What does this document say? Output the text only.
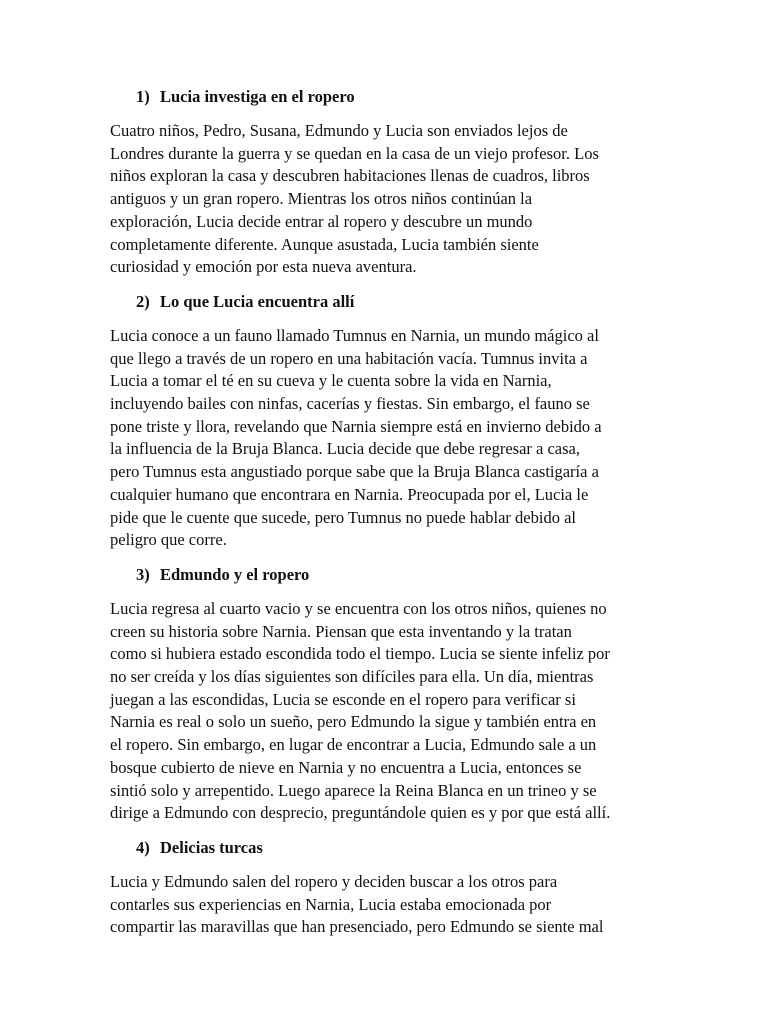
1) Lucia investiga en el ropero
Cuatro niños, Pedro, Susana, Edmundo y Lucia son enviados lejos de
Londres durante la guerra y se quedan en la casa de un viejo profesor. Los
niños exploran la casa y descubren habitaciones llenas de cuadros, libros
antiguos y un gran ropero. Mientras los otros niños continúan la
exploración, Lucia decide entrar al ropero y descubre un mundo
completamente diferente. Aunque asustada, Lucia también siente
curiosidad y emoción por esta nueva aventura.
2) Lo que Lucia encuentra allí
Lucia conoce a un fauno llamado Tumnus en Narnia, un mundo mágico al
que llego a través de un ropero en una habitación vacía. Tumnus invita a
Lucia a tomar el té en su cueva y le cuenta sobre la vida en Narnia,
incluyendo bailes con ninfas, cacerías y fiestas. Sin embargo, el fauno se
pone triste y llora, revelando que Narnia siempre está en invierno debido a
la influencia de la Bruja Blanca. Lucia decide que debe regresar a casa,
pero Tumnus esta angustiado porque sabe que la Bruja Blanca castigaría a
cualquier humano que encontrara en Narnia. Preocupada por el, Lucia le
pide que le cuente que sucede, pero Tumnus no puede hablar debido al
peligro que corre.
3) Edmundo y el ropero
Lucia regresa al cuarto vacio y se encuentra con los otros niños, quienes no
creen su historia sobre Narnia. Piensan que esta inventando y la tratan
como si hubiera estado escondida todo el tiempo. Lucia se siente infeliz por
no ser creída y los días siguientes son difíciles para ella. Un día, mientras
juegan a las escondidas, Lucia se esconde en el ropero para verificar si
Narnia es real o solo un sueño, pero Edmundo la sigue y también entra en
el ropero. Sin embargo, en lugar de encontrar a Lucia, Edmundo sale a un
bosque cubierto de nieve en Narnia y no encuentra a Lucia, entonces se
sintió solo y arrepentido. Luego aparece la Reina Blanca en un trineo y se
dirige a Edmundo con desprecio, preguntándole quien es y por que está allí.
4) Delicias turcas
Lucia y Edmundo salen del ropero y deciden buscar a los otros para
contarles sus experiencias en Narnia, Lucia estaba emocionada por
compartir las maravillas que han presenciado, pero Edmundo se siente mal
